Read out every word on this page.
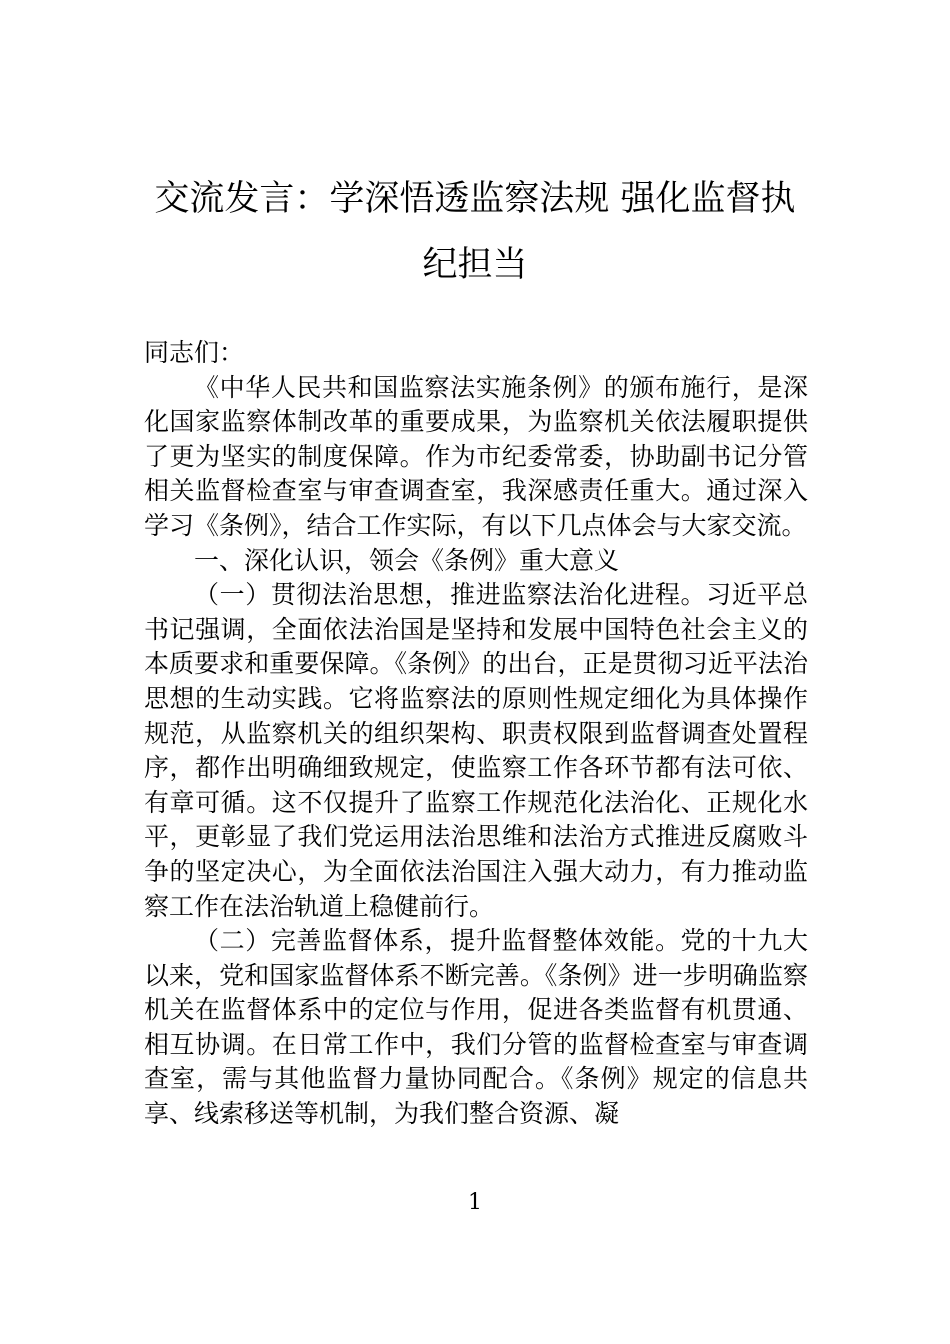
交流发言：学深悟透监察法规 强化监督执
纪担当

同志们：

《中华人民共和国监察法实施条例》的颁布施行，是深化国家监察体制改革的重要成果，为监察机关依法履职提供了更为坚实的制度保障。作为市纪委常委，协助副书记分管相关监督检查室与审查调查室，我深感责任重大。通过深入学习《条例》，结合工作实际，有以下几点体会与大家交流。

一、深化认识，领会《条例》重大意义

（一）贯彻法治思想，推进监察法治化进程。习近平总书记强调，全面依法治国是坚持和发展中国特色社会主义的本质要求和重要保障。《条例》的出台，正是贯彻习近平法治思想的生动实践。它将监察法的原则性规定细化为具体操作规范，从监察机关的组织架构、职责权限到监督调查处置程序，都作出明确细致规定，使监察工作各环节都有法可依、有章可循。这不仅提升了监察工作规范化法治化、正规化水平，更彰显了我们党运用法治思维和法治方式推进反腐败斗争的坚定决心，为全面依法治国注入强大动力，有力推动监察工作在法治轨道上稳健前行。

（二）完善监督体系，提升监督整体效能。党的十九大以来，党和国家监督体系不断完善。《条例》进一步明确监察机关在监督体系中的定位与作用，促进各类监督有机贯通、相互协调。在日常工作中，我们分管的监督检查室与审查调查室，需与其他监督力量协同配合。《条例》规定的信息共享、线索移送等机制，为我们整合资源、凝

1
